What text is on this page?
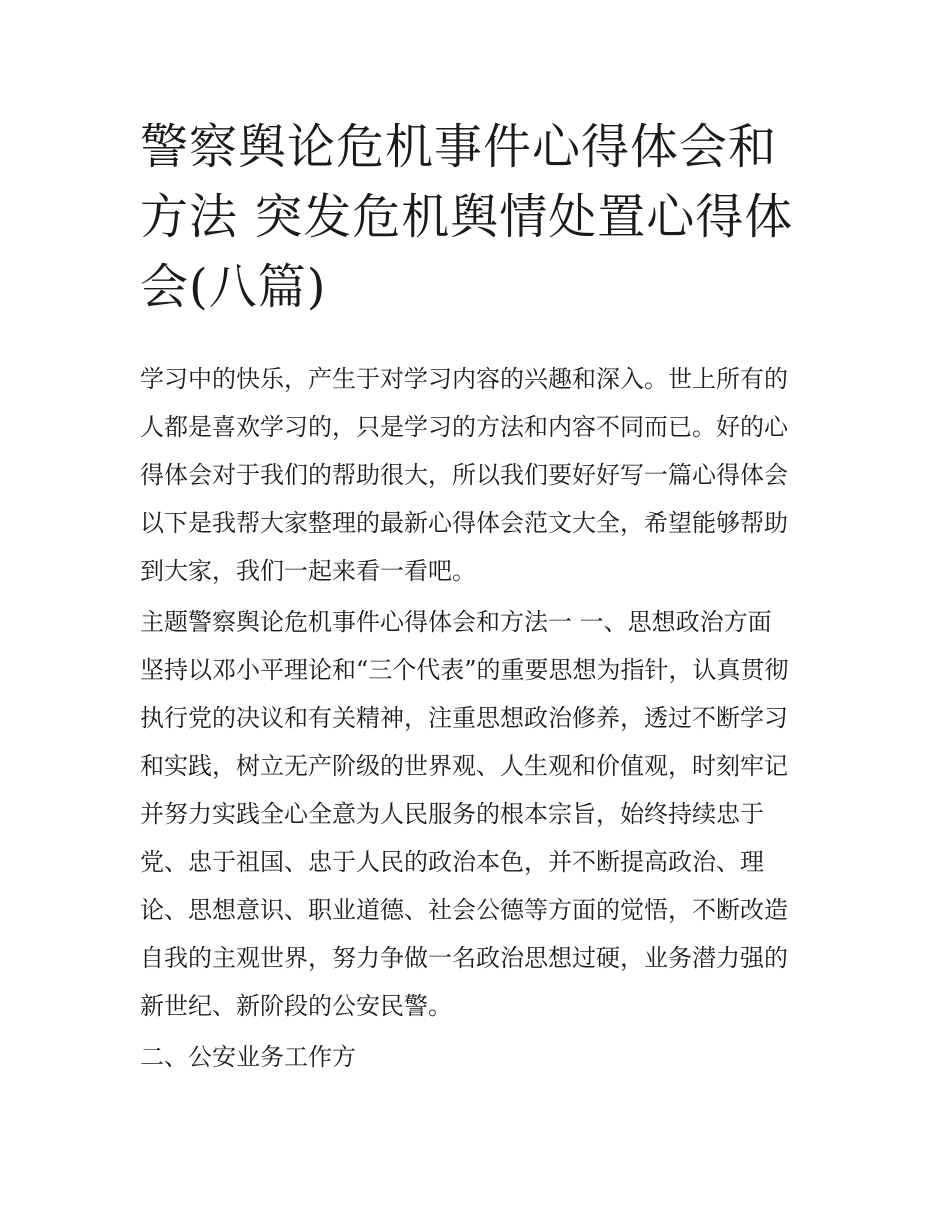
警察舆论危机事件心得体会和
方法 突发危机舆情处置心得体
会(八篇)
学习中的快乐，产生于对学习内容的兴趣和深入。世上所有的
人都是喜欢学习的，只是学习的方法和内容不同而已。好的心
得体会对于我们的帮助很大，所以我们要好好写一篇心得体会
以下是我帮大家整理的最新心得体会范文大全，希望能够帮助
到大家，我们一起来看一看吧。
主题警察舆论危机事件心得体会和方法一 一、思想政治方面
坚持以邓小平理论和“三个代表”的重要思想为指针，认真贯彻
执行党的决议和有关精神，注重思想政治修养，透过不断学习
和实践，树立无产阶级的世界观、人生观和价值观，时刻牢记
并努力实践全心全意为人民服务的根本宗旨，始终持续忠于
党、忠于祖国、忠于人民的政治本色，并不断提高政治、理
论、思想意识、职业道德、社会公德等方面的觉悟，不断改造
自我的主观世界，努力争做一名政治思想过硬，业务潜力强的
新世纪、新阶段的公安民警。
二、公安业务工作方
